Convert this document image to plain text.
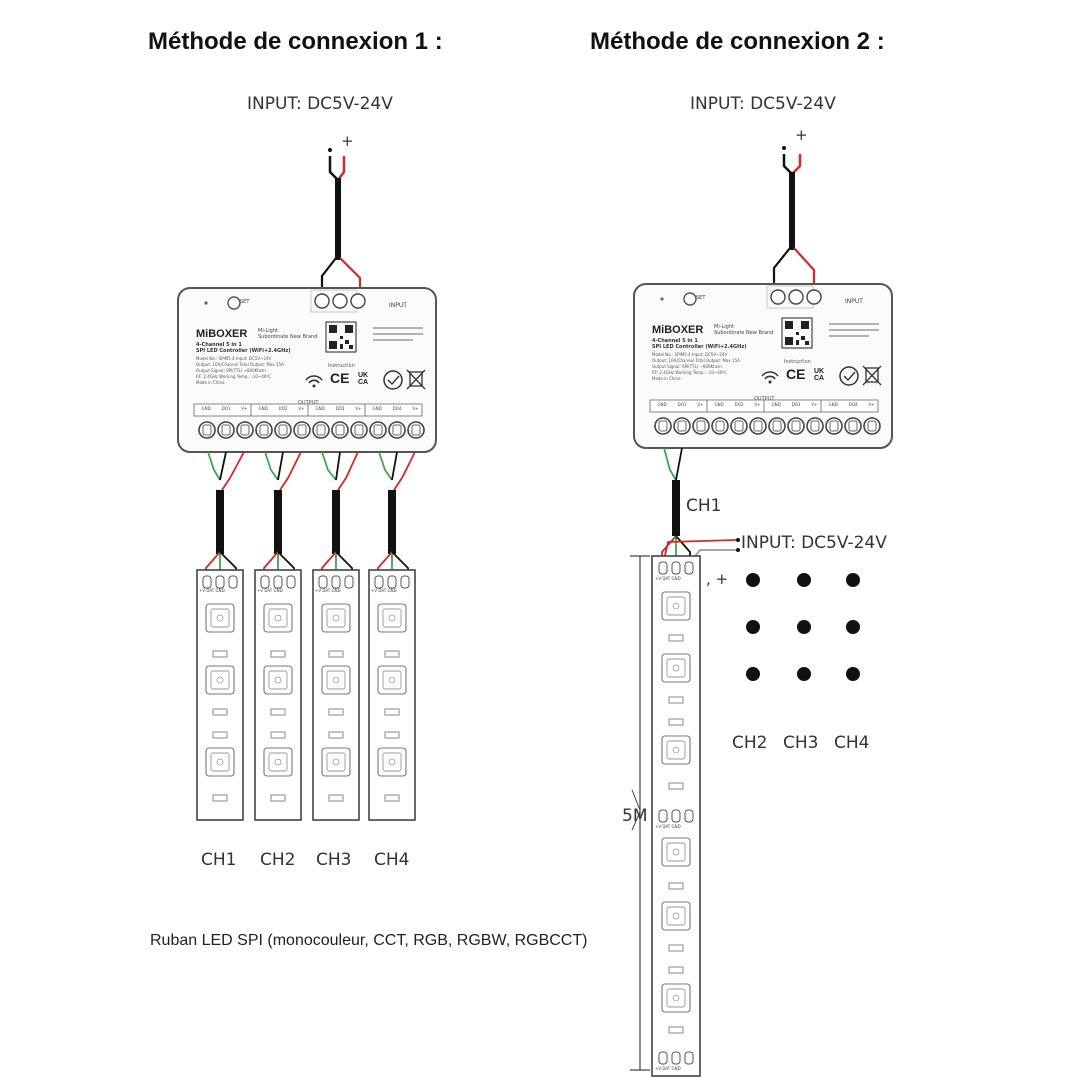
Méthode de connexion 1 :	Méthode de connexion 2 :
INPUT: DC5V-24V	INPUT: DC5V-24V
+	+
MiBOXER
4-Channel 5 in 1
SPI LED Controller (WiFi+2.4GHz)
Model No.: SPIM5-4 Input: DC5V~24V
Output: 10A/Channel Total Output: Max 15A
Output Signal: SPI(TTL) ~800Khzm
RF: 2.4GHz Working Temp.: -10~40ºC
Made in China
Mi-Light
Subordinate New Brand
SET	INPUT
Instruction
CE UK CA
OUTPUT
GND	DO1	V+	GND	DO2	V+	GND	DO3	V+	GND	DO4	V+
MiBOXER
4-Channel 5 in 1
SPI LED Controller (WiFi+2.4GHz)
Model No.: SPIM5-4 Input: DC5V~24V
Output: 10A/Channel Total Output: Max 15A
Output Signal: SPI(TTL) ~800Khzm
RF: 2.4GHz Working Temp.: -10~40ºC
Made in China
Mi-Light
Subordinate New Brand
SET	INPUT
Instruction
CE UK CA
OUTPUT
GND	DO1	V+	GND	DO2	V+	GND	DO3	V+	GND	DO4	V+
+V DAT GND	+V DAT GND	+V DAT GND	+V DAT GND
+V DAT GND
+V DAT GND
+V DAT GND
CH1 CH2 CH3 CH4
Ruban LED SPI (monocouleur, CCT, RGB, RGBW, RGBCCT)
CH1
INPUT: DC5V-24V
, +
CH2 CH3 CH4
5M
